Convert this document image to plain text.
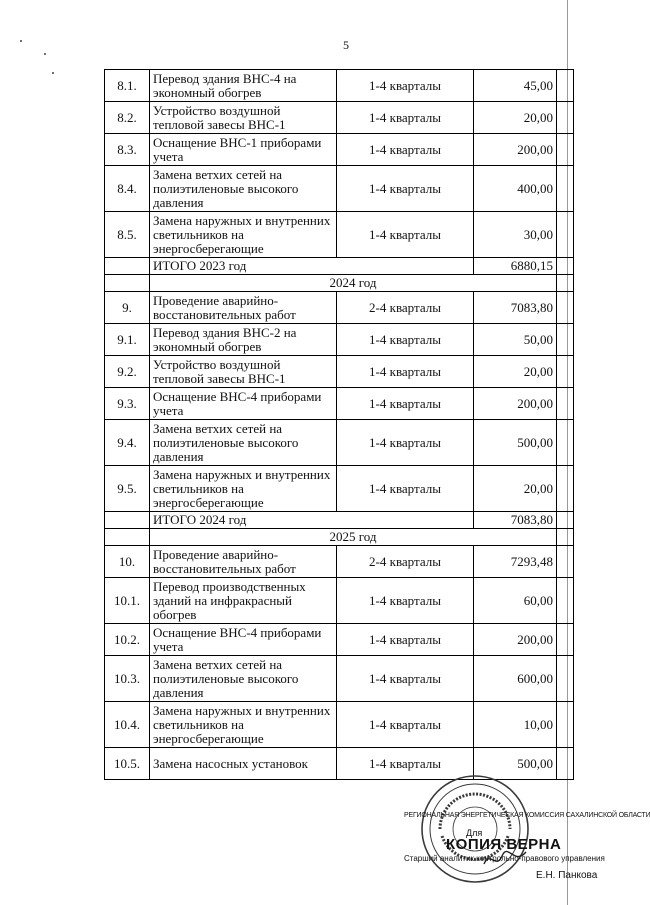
5
8.1.	Перевод здания ВНС-4 на экономный обогрев	1-4 кварталы	45,00	
8.2.	Устройство воздушной тепловой завесы ВНС-1	1-4 кварталы	20,00	
8.3.	Оснащение ВНС-1 приборами учета	1-4 кварталы	200,00	
8.4.	Замена ветхих сетей на полиэтиленовые высокого давления	1-4 кварталы	400,00	
8.5.	Замена наружных и внутренних светильников на энергосберегающие	1-4 кварталы	30,00	
	ИТОГО 2023 год		6880,15	
	2024 год			
9.	Проведение аварийно-восстановительных работ	2-4 кварталы	7083,80	
9.1.	Перевод здания ВНС-2 на экономный обогрев	1-4 кварталы	50,00	
9.2.	Устройство воздушной тепловой завесы ВНС-1	1-4 кварталы	20,00	
9.3.	Оснащение ВНС-4 приборами учета	1-4 кварталы	200,00	
9.4.	Замена ветхих сетей на полиэтиленовые высокого давления	1-4 кварталы	500,00	
9.5.	Замена наружных и внутренних светильников на энергосберегающие	1-4 кварталы	20,00	
	ИТОГО 2024 год		7083,80	
	2025 год			
10.	Проведение аварийно-восстановительных работ	2-4 кварталы	7293,48	
10.1.	Перевод производственных зданий на инфракрасный обогрев	1-4 кварталы	60,00	
10.2.	Оснащение ВНС-4 приборами учета	1-4 кварталы	200,00	
10.3.	Замена ветхих сетей на полиэтиленовые высокого давления	1-4 кварталы	600,00	
10.4.	Замена наружных и внутренних светильников на энергосберегающие	1-4 кварталы	10,00	
10.5.	Замена насосных установок	1-4 кварталы	500,00	
РЕГИОНАЛЬНАЯ ЭНЕРГЕТИЧЕСКАЯ КОМИССИЯ САХАЛИНСКОЙ ОБЛАСТИ
Для
КОПИЯ ВЕРНА
Старший аналитик контрольно-правового управления
Е.Н. Панкова
